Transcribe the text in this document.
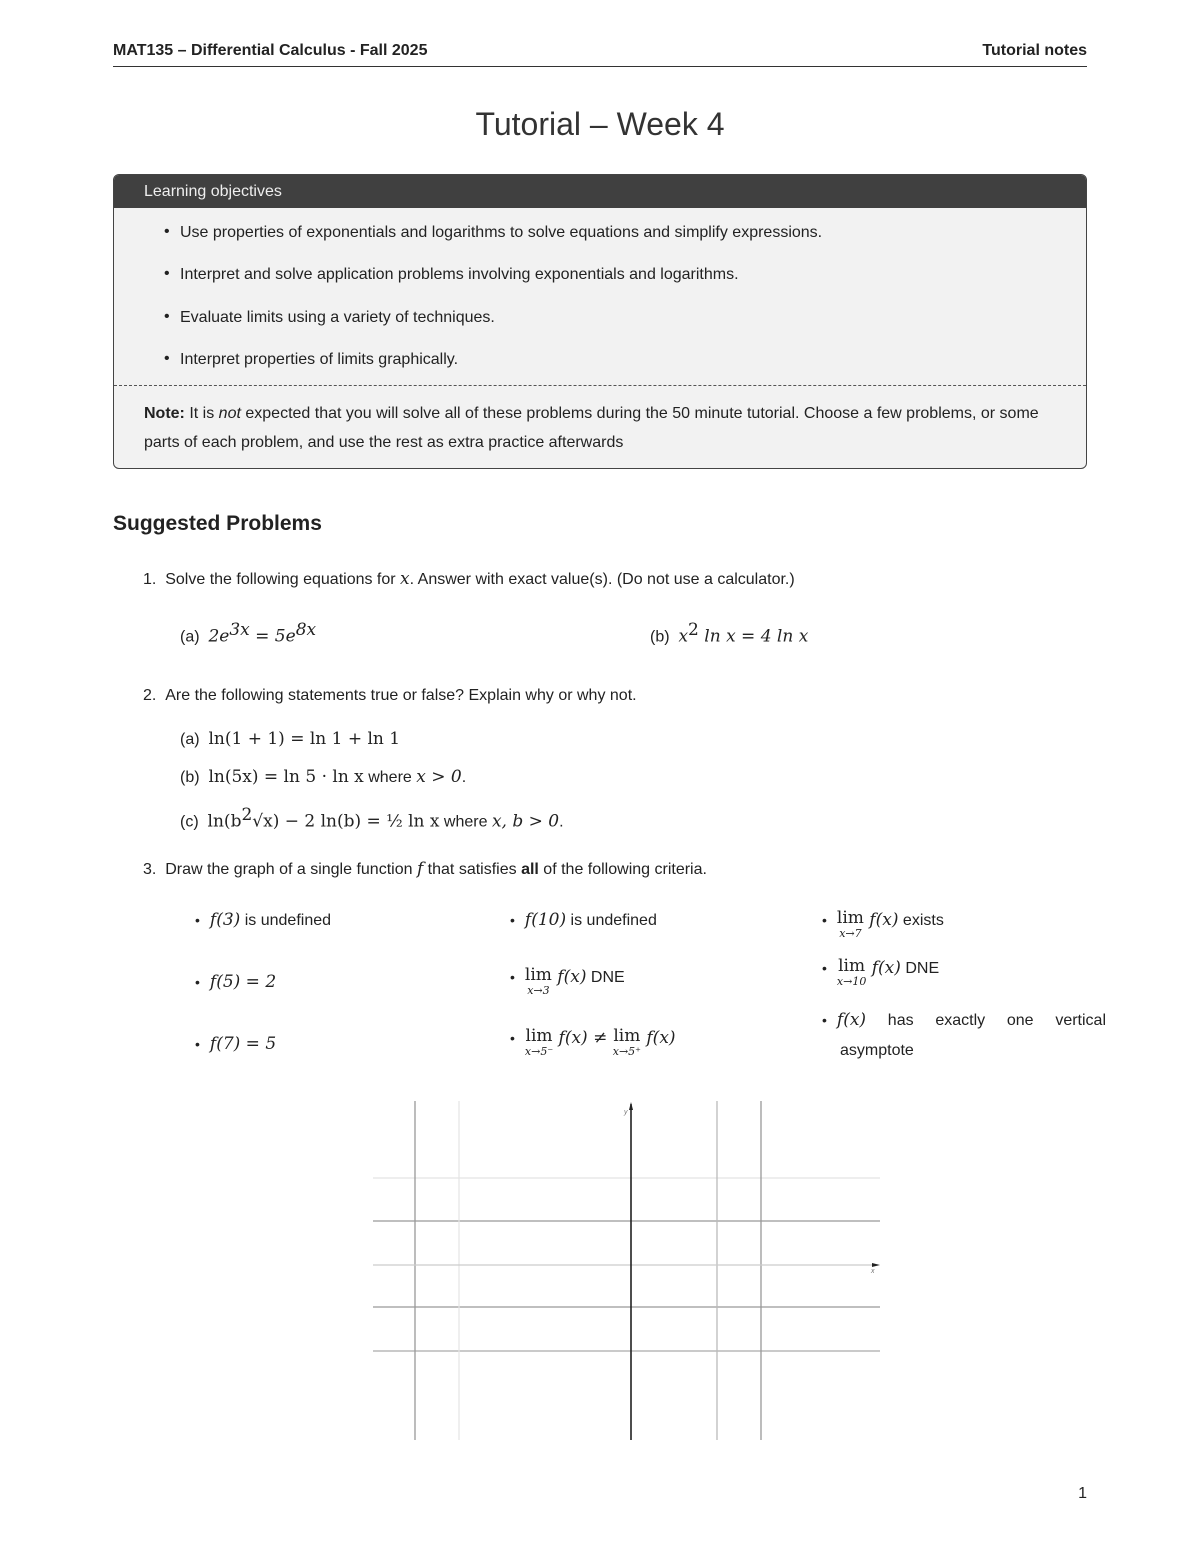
MAT135 – Differential Calculus - Fall 2025	Tutorial notes
Tutorial – Week 4
Learning objectives
• Use properties of exponentials and logarithms to solve equations and simplify expressions.
• Interpret and solve application problems involving exponentials and logarithms.
• Evaluate limits using a variety of techniques.
• Interpret properties of limits graphically.
Note: It is not expected that you will solve all of these problems during the 50 minute tutorial. Choose a few problems, or some parts of each problem, and use the rest as extra practice afterwards
Suggested Problems
1. Solve the following equations for x. Answer with exact value(s). (Do not use a calculator.)
(a) $2e^{3x} = 5e^{8x}$	(b) $x^2$ ln x = 4 ln x
2. Are the following statements true or false? Explain why or why not.
(a) ln(1 + 1) = ln 1 + ln 1
(b) ln(5x) = ln 5 · ln x where x > 0.
(c) $\ln(b^2√x) - 2$ ln(b) = ½ ln x where x, b > 0.
3. Draw the graph of a single function f that satisfies all of the following criteria.
• f(3) is undefined
• f(5) = 2
• f(7) = 5
• f(10) is undefined
• lim
x→3
f(x) DNE
• lim
x→5⁻
f(x) ≠ lim
x→5⁺
f(x)
• lim
x→7
f(x) exists
• lim
x→10
f(x) DNE
• f(x) has exactly one vertical asymptote
x
y
1
